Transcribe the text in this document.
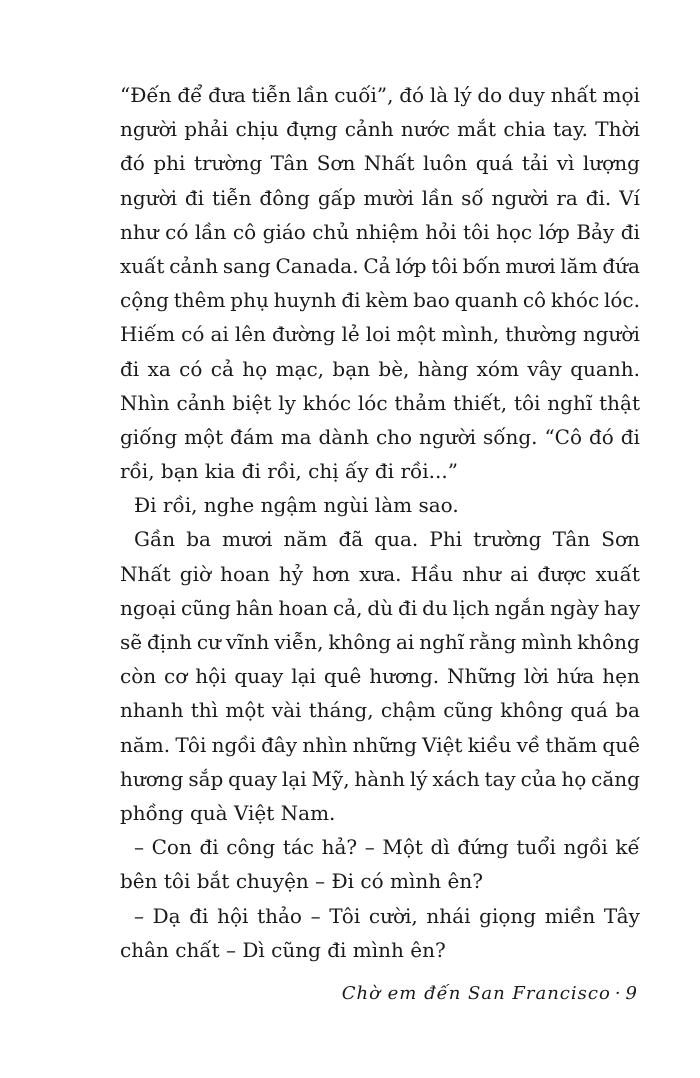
“Đến để đưa tiễn lần cuối”, đó là lý do duy nhất mọi
người phải chịu đựng cảnh nước mắt chia tay. Thời
đó phi trường Tân Sơn Nhất luôn quá tải vì lượng
người đi tiễn đông gấp mười lần số người ra đi. Ví
như có lần cô giáo chủ nhiệm hỏi tôi học lớp Bảy đi
xuất cảnh sang Canada. Cả lớp tôi bốn mươi lăm đứa
cộng thêm phụ huynh đi kèm bao quanh cô khóc lóc.
Hiếm có ai lên đường lẻ loi một mình, thường người
đi xa có cả họ mạc, bạn bè, hàng xóm vây quanh.
Nhìn cảnh biệt ly khóc lóc thảm thiết, tôi nghĩ thật
giống một đám ma dành cho người sống. “Cô đó đi
rồi, bạn kia đi rồi, chị ấy đi rồi...”
Đi rồi, nghe ngậm ngùi làm sao.
Gần ba mươi năm đã qua. Phi trường Tân Sơn
Nhất giờ hoan hỷ hơn xưa. Hầu như ai được xuất
ngoại cũng hân hoan cả, dù đi du lịch ngắn ngày hay
sẽ định cư vĩnh viễn, không ai nghĩ rằng mình không
còn cơ hội quay lại quê hương. Những lời hứa hẹn
nhanh thì một vài tháng, chậm cũng không quá ba
năm. Tôi ngồi đây nhìn những Việt kiều về thăm quê
hương sắp quay lại Mỹ, hành lý xách tay của họ căng
phồng quà Việt Nam.
– Con đi công tác hả? – Một dì đứng tuổi ngồi kế
bên tôi bắt chuyện – Đi có mình ên?
– Dạ đi hội thảo – Tôi cười, nhái giọng miền Tây
chân chất – Dì cũng đi mình ên?
Chờ em đến San Francisco · 9
